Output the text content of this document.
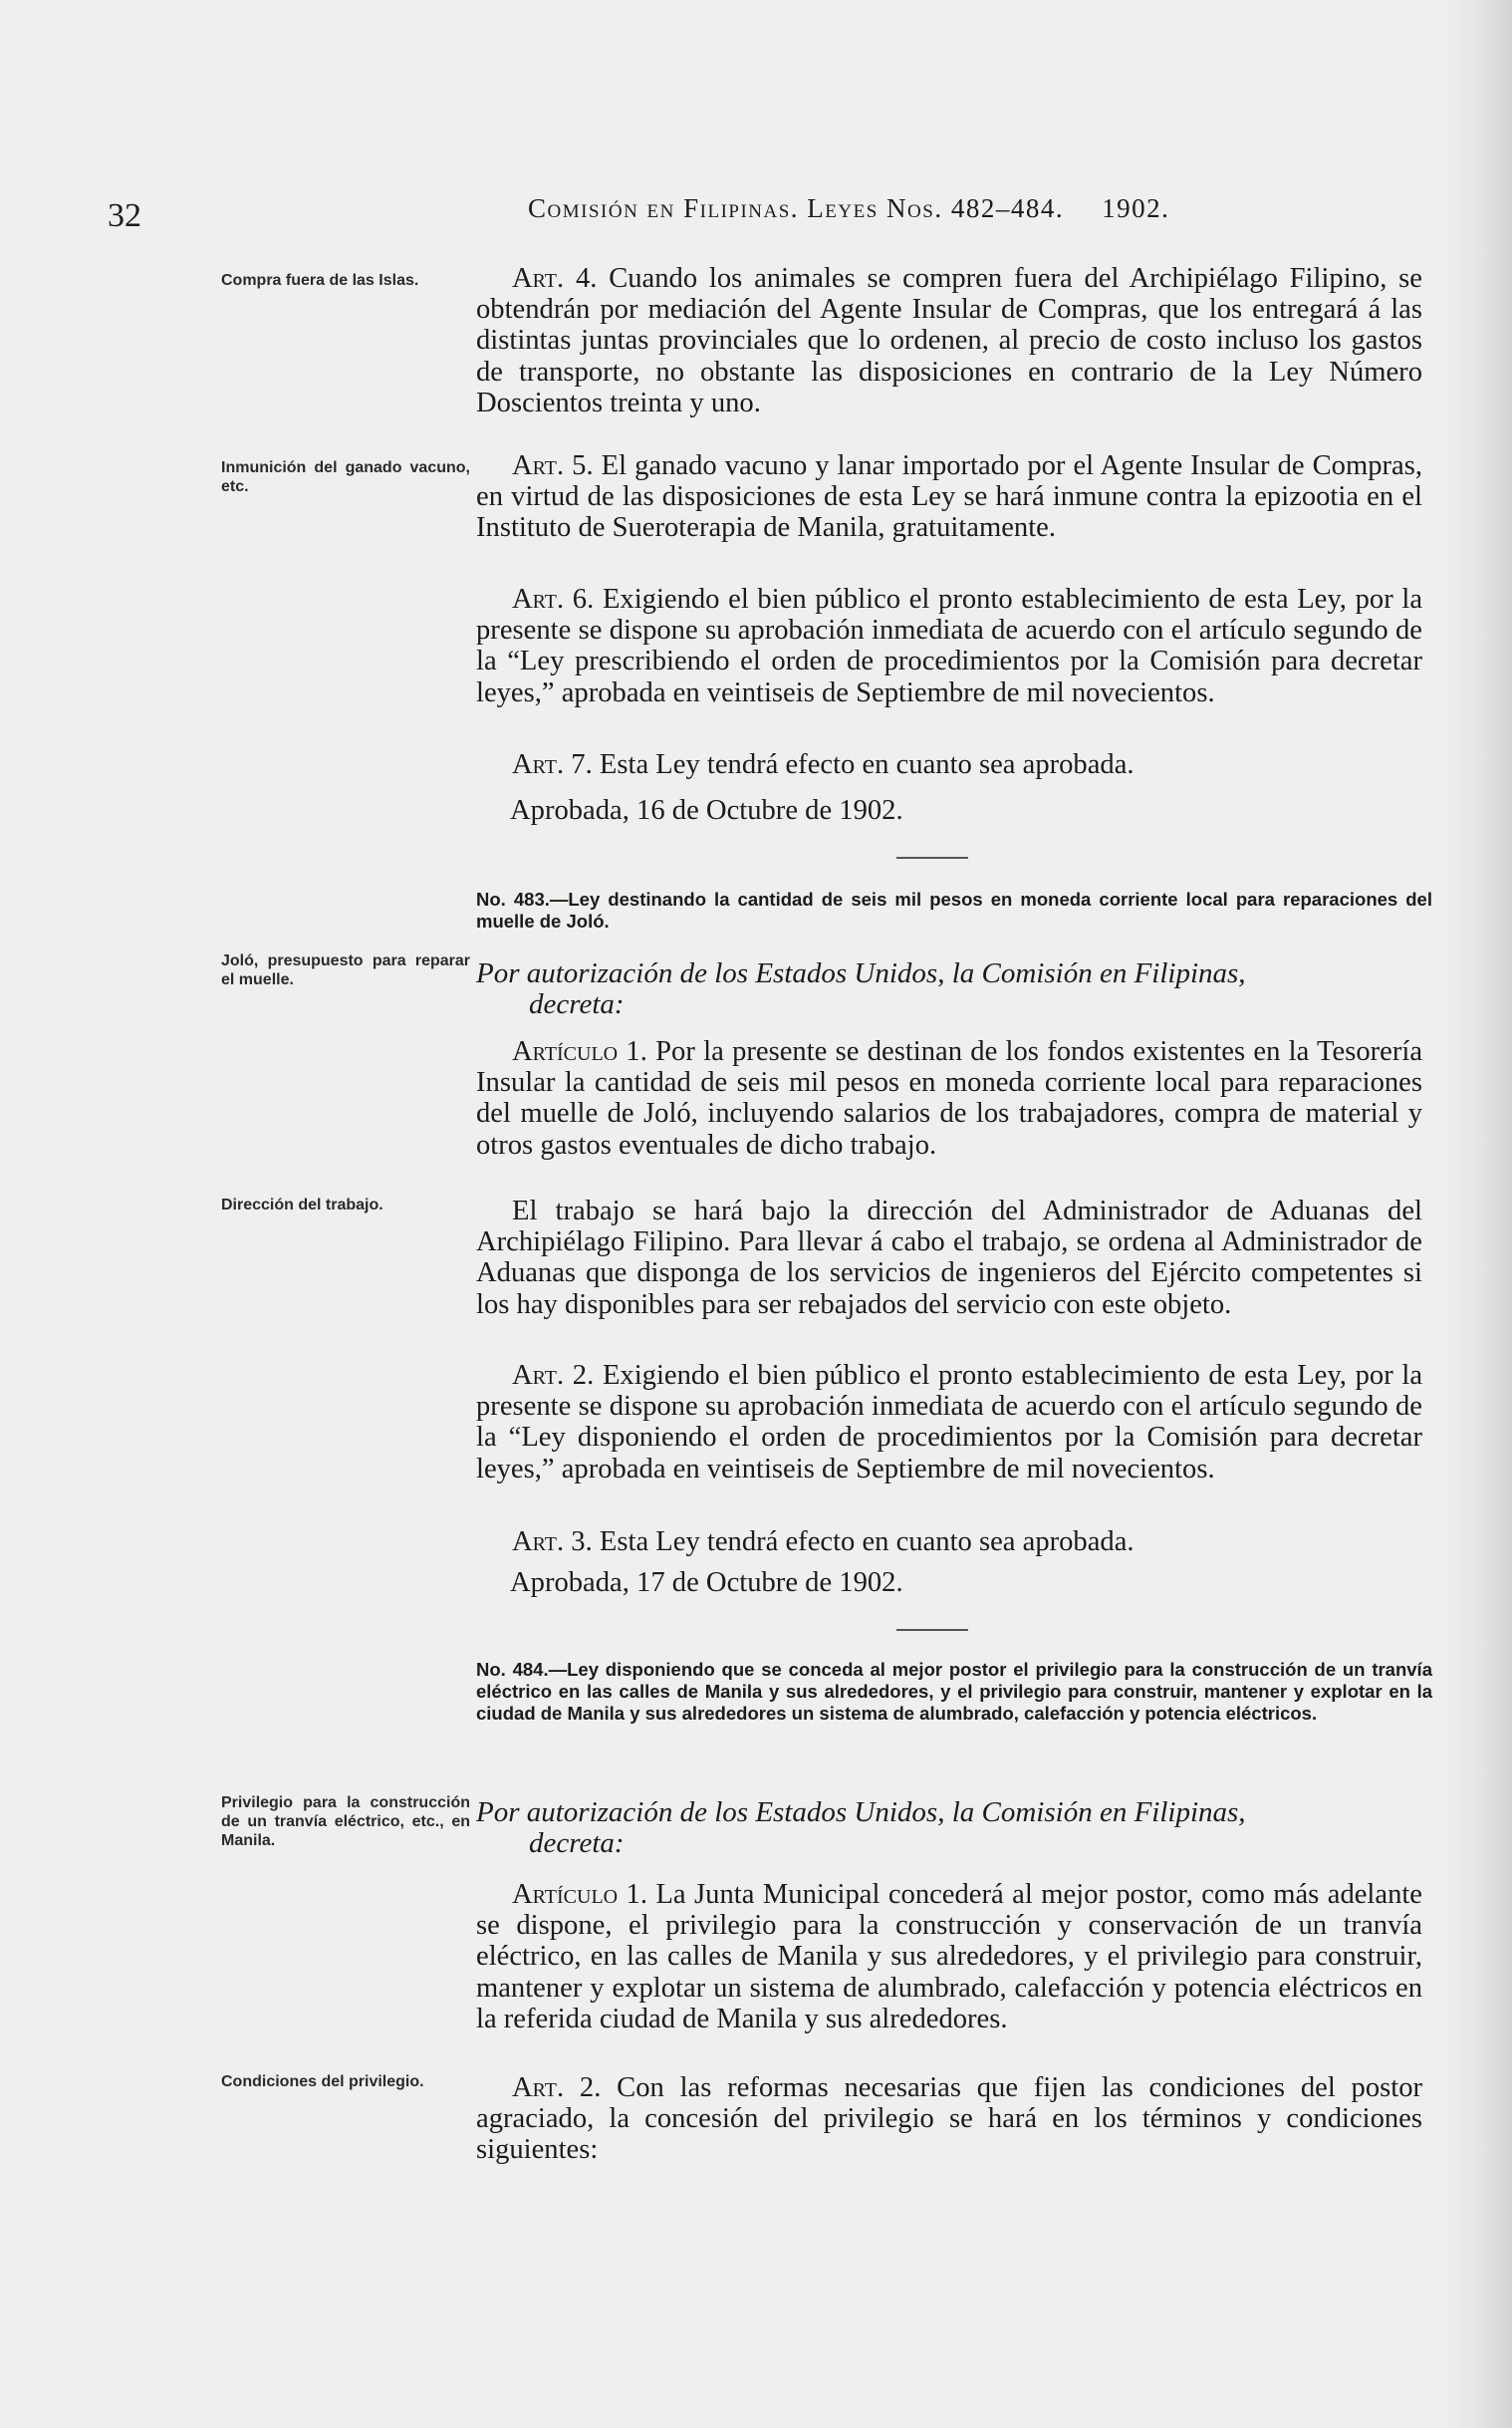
32	Comisión en Filipinas. Leyes Nos. 482–484. 1902.
Compra fuera de las Islas.
Inmunición del ganado vacuno, etc.
Joló, presupuesto para reparar el muelle.
Dirección del trabajo.
Privilegio para la construcción de un tranvía eléctrico, etc., en Manila.
Condiciones del privilegio.
Art. 4. Cuando los animales se compren fuera del Archipiélago Filipino, se obtendrán por mediación del Agente Insular de Compras, que los entregará á las distintas juntas provinciales que lo ordenen, al precio de costo incluso los gastos de transporte, no obstante las disposiciones en contrario de la Ley Número Doscientos treinta y uno.
Art. 5. El ganado vacuno y lanar importado por el Agente Insular de Compras, en virtud de las disposiciones de esta Ley se hará inmune contra la epizootia en el Instituto de Sueroterapia de Manila, gratuitamente.
Art. 6. Exigiendo el bien público el pronto establecimiento de esta Ley, por la presente se dispone su aprobación inmediata de acuerdo con el artículo segundo de la “Ley prescribiendo el orden de procedimientos por la Comisión para decretar leyes,” aprobada en veintiseis de Septiembre de mil novecientos.
Art. 7. Esta Ley tendrá efecto en cuanto sea aprobada.
Aprobada, 16 de Octubre de 1902.
No. 483.—Ley destinando la cantidad de seis mil pesos en moneda corriente local para reparaciones del muelle de Joló.
Por autorización de los Estados Unidos, la Comisión en Filipinas,
decreta:
Artículo 1. Por la presente se destinan de los fondos existentes en la Tesorería Insular la cantidad de seis mil pesos en moneda corriente local para reparaciones del muelle de Joló, incluyendo salarios de los trabajadores, compra de material y otros gastos eventuales de dicho trabajo.
El trabajo se hará bajo la dirección del Administrador de Aduanas del Archipiélago Filipino. Para llevar á cabo el trabajo, se ordena al Administrador de Aduanas que disponga de los servicios de ingenieros del Ejército competentes si los hay disponibles para ser rebajados del servicio con este objeto.
Art. 2. Exigiendo el bien público el pronto establecimiento de esta Ley, por la presente se dispone su aprobación inmediata de acuerdo con el artículo segundo de la “Ley disponiendo el orden de procedimientos por la Comisión para decretar leyes,” aprobada en veintiseis de Septiembre de mil novecientos.
Art. 3. Esta Ley tendrá efecto en cuanto sea aprobada.
Aprobada, 17 de Octubre de 1902.
No. 484.—Ley disponiendo que se conceda al mejor postor el privilegio para la construcción de un tranvía eléctrico en las calles de Manila y sus alrededores, y el privilegio para construir, mantener y explotar en la ciudad de Manila y sus alrededores un sistema de alumbrado, calefacción y potencia eléctricos.
Por autorización de los Estados Unidos, la Comisión en Filipinas,
decreta:
Artículo 1. La Junta Municipal concederá al mejor postor, como más adelante se dispone, el privilegio para la construcción y conservación de un tranvía eléctrico, en las calles de Manila y sus alrededores, y el privilegio para construir, mantener y explotar un sistema de alumbrado, calefacción y potencia eléctricos en la referida ciudad de Manila y sus alrededores.
Art. 2. Con las reformas necesarias que fijen las condiciones del postor agraciado, la concesión del privilegio se hará en los términos y condiciones siguientes:
